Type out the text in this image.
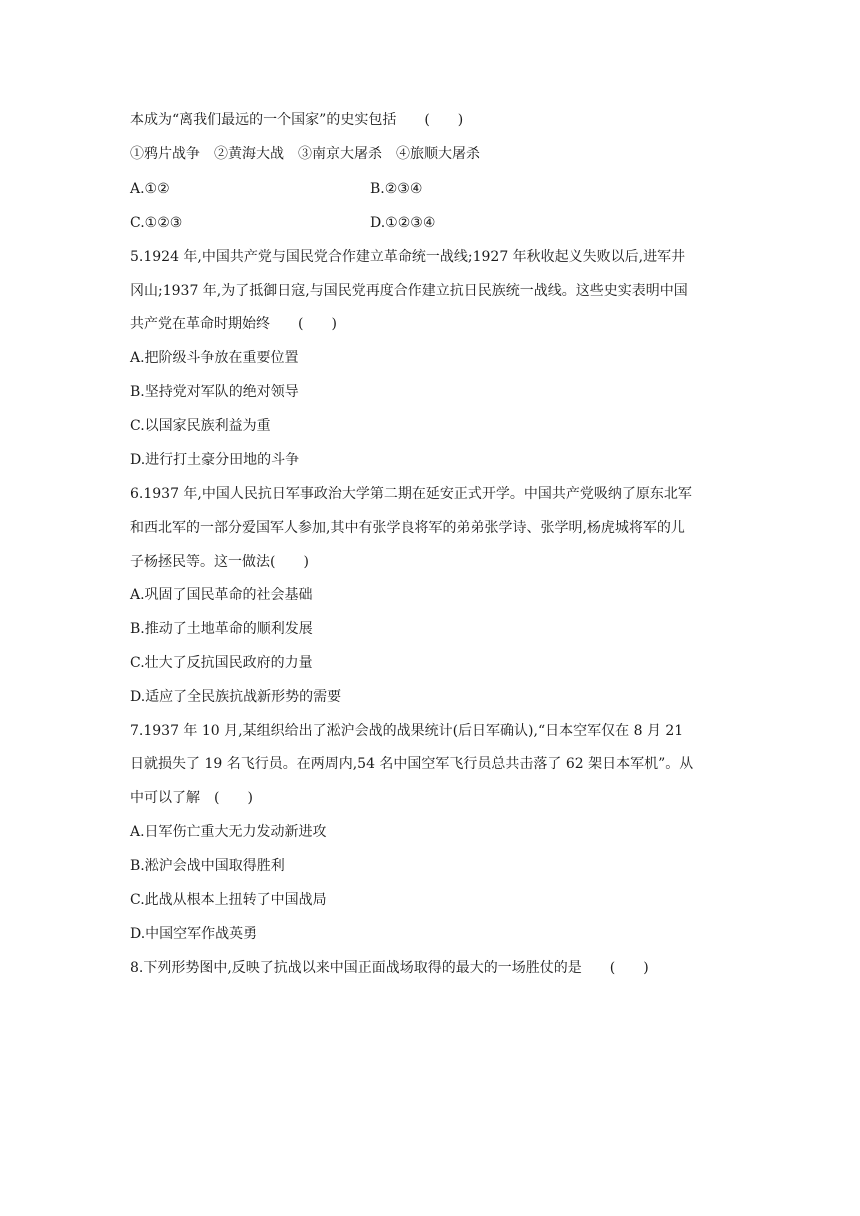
本成为“离我们最远的一个国家”的史实包括　　(　　)
①鸦片战争　②黄海大战　③南京大屠杀　④旅顺大屠杀
A.①②	B.②③④
C.①②③	D.①②③④
5.1924 年,中国共产党与国民党合作建立革命统一战线;1927 年秋收起义失败以后,进军井
冈山;1937 年,为了抵御日寇,与国民党再度合作建立抗日民族统一战线。这些史实表明中国
共产党在革命时期始终　　(　　)
A.把阶级斗争放在重要位置
B.坚持党对军队的绝对领导
C.以国家民族利益为重
D.进行打土豪分田地的斗争
6.1937 年,中国人民抗日军事政治大学第二期在延安正式开学。中国共产党吸纳了原东北军
和西北军的一部分爱国军人参加,其中有张学良将军的弟弟张学诗、张学明,杨虎城将军的儿
子杨拯民等。这一做法(　　)
A.巩固了国民革命的社会基础
B.推动了土地革命的顺利发展
C.壮大了反抗国民政府的力量
D.适应了全民族抗战新形势的需要
7.1937 年 10 月,某组织给出了淞沪会战的战果统计(后日军确认),“日本空军仅在 8 月 21
日就损失了 19 名飞行员。在两周内,54 名中国空军飞行员总共击落了 62 架日本军机”。从
中可以了解　(　　)
A.日军伤亡重大无力发动新进攻
B.淞沪会战中国取得胜利
C.此战从根本上扭转了中国战局
D.中国空军作战英勇
8.下列形势图中,反映了抗战以来中国正面战场取得的最大的一场胜仗的是　　(　　)
